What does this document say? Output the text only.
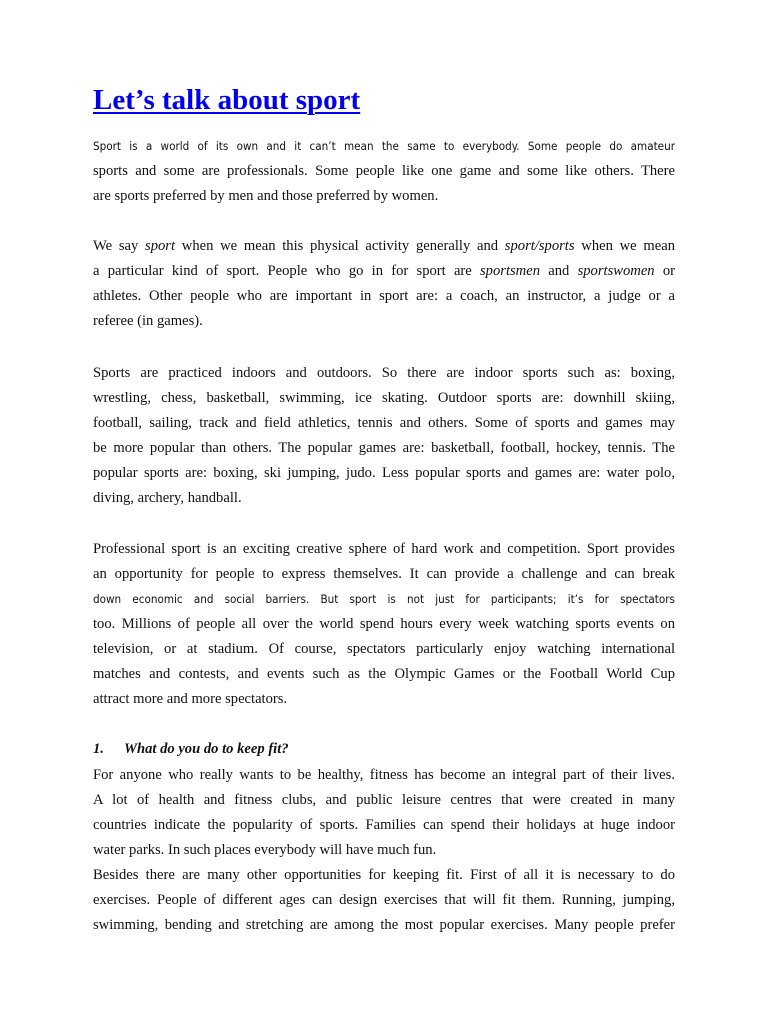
Let’s talk about sport
Sport is a world of its own and it can’t mean the same to everybody. Some people do amateur
sports and some are professionals. Some people like one game and some like others. There
are sports preferred by men and those preferred by women.
We say sport when we mean this physical activity generally and sport/sports when we mean
a particular kind of sport. People who go in for sport are sportsmen and sportswomen or
athletes. Other people who are important in sport are: a coach, an instructor, a judge or a
referee (in games).
Sports are practiced indoors and outdoors. So there are indoor sports such as: boxing,
wrestling, chess, basketball, swimming, ice skating. Outdoor sports are: downhill skiing,
football, sailing, track and field athletics, tennis and others. Some of sports and games may
be more popular than others. The popular games are: basketball, football, hockey, tennis. The
popular sports are: boxing, ski jumping, judo. Less popular sports and games are: water polo,
diving, archery, handball.
Professional sport is an exciting creative sphere of hard work and competition. Sport provides
an opportunity for people to express themselves. It can provide a challenge and can break
down economic and social barriers. But sport is not just for participants; it’s for spectators
too. Millions of people all over the world spend hours every week watching sports events on
television, or at stadium. Of course, spectators particularly enjoy watching international
matches and contests, and events such as the Olympic Games or the Football World Cup
attract more and more spectators.
1. What do you do to keep fit?
For anyone who really wants to be healthy, fitness has become an integral part of their lives.
A lot of health and fitness clubs, and public leisure centres that were created in many
countries indicate the popularity of sports. Families can spend their holidays at huge indoor
water parks. In such places everybody will have much fun.
Besides there are many other opportunities for keeping fit. First of all it is necessary to do
exercises. People of different ages can design exercises that will fit them. Running, jumping,
swimming, bending and stretching are among the most popular exercises. Many people prefer
